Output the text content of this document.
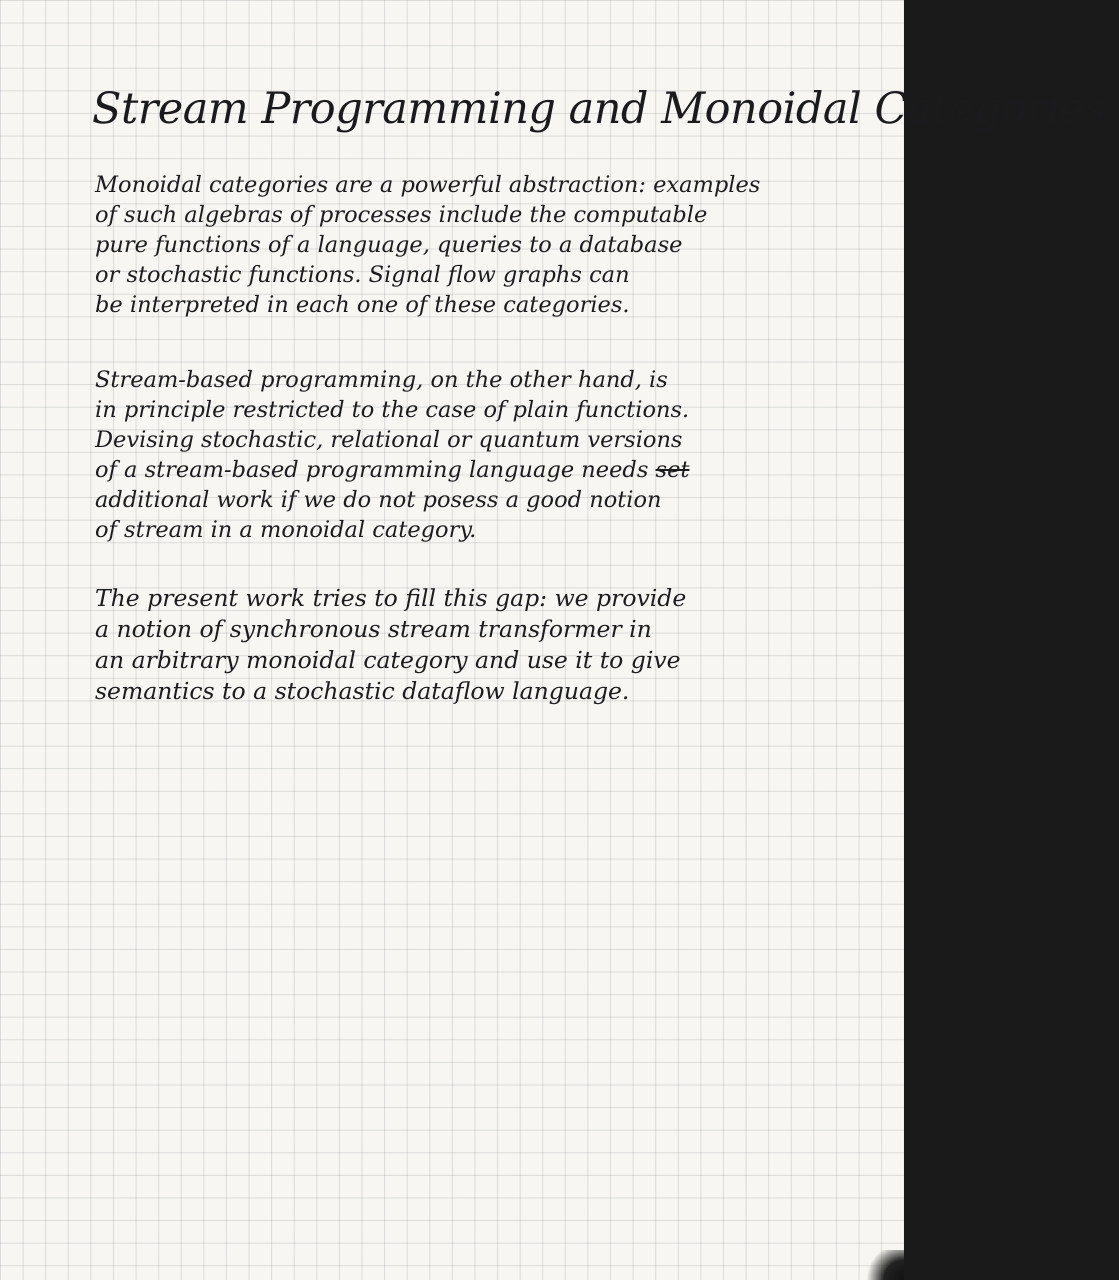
Stream Programming and Monoidal Categories.
Monoidal categories are a powerful abstraction: examples
of such algebras of processes include the computable
pure functions of a language, queries to a database
or stochastic functions. Signal flow graphs can
be interpreted in each one of these categories.
Stream-based programming, on the other hand, is
in principle restricted to the case of plain functions.
Devising stochastic, relational or quantum versions
of a stream-based programming language needs set
additional work if we do not posess a good notion
of stream in a monoidal category.
The present work tries to fill this gap: we provide
a notion of synchronous stream transformer in
an arbitrary monoidal category and use it to give
semantics to a stochastic dataflow language.
